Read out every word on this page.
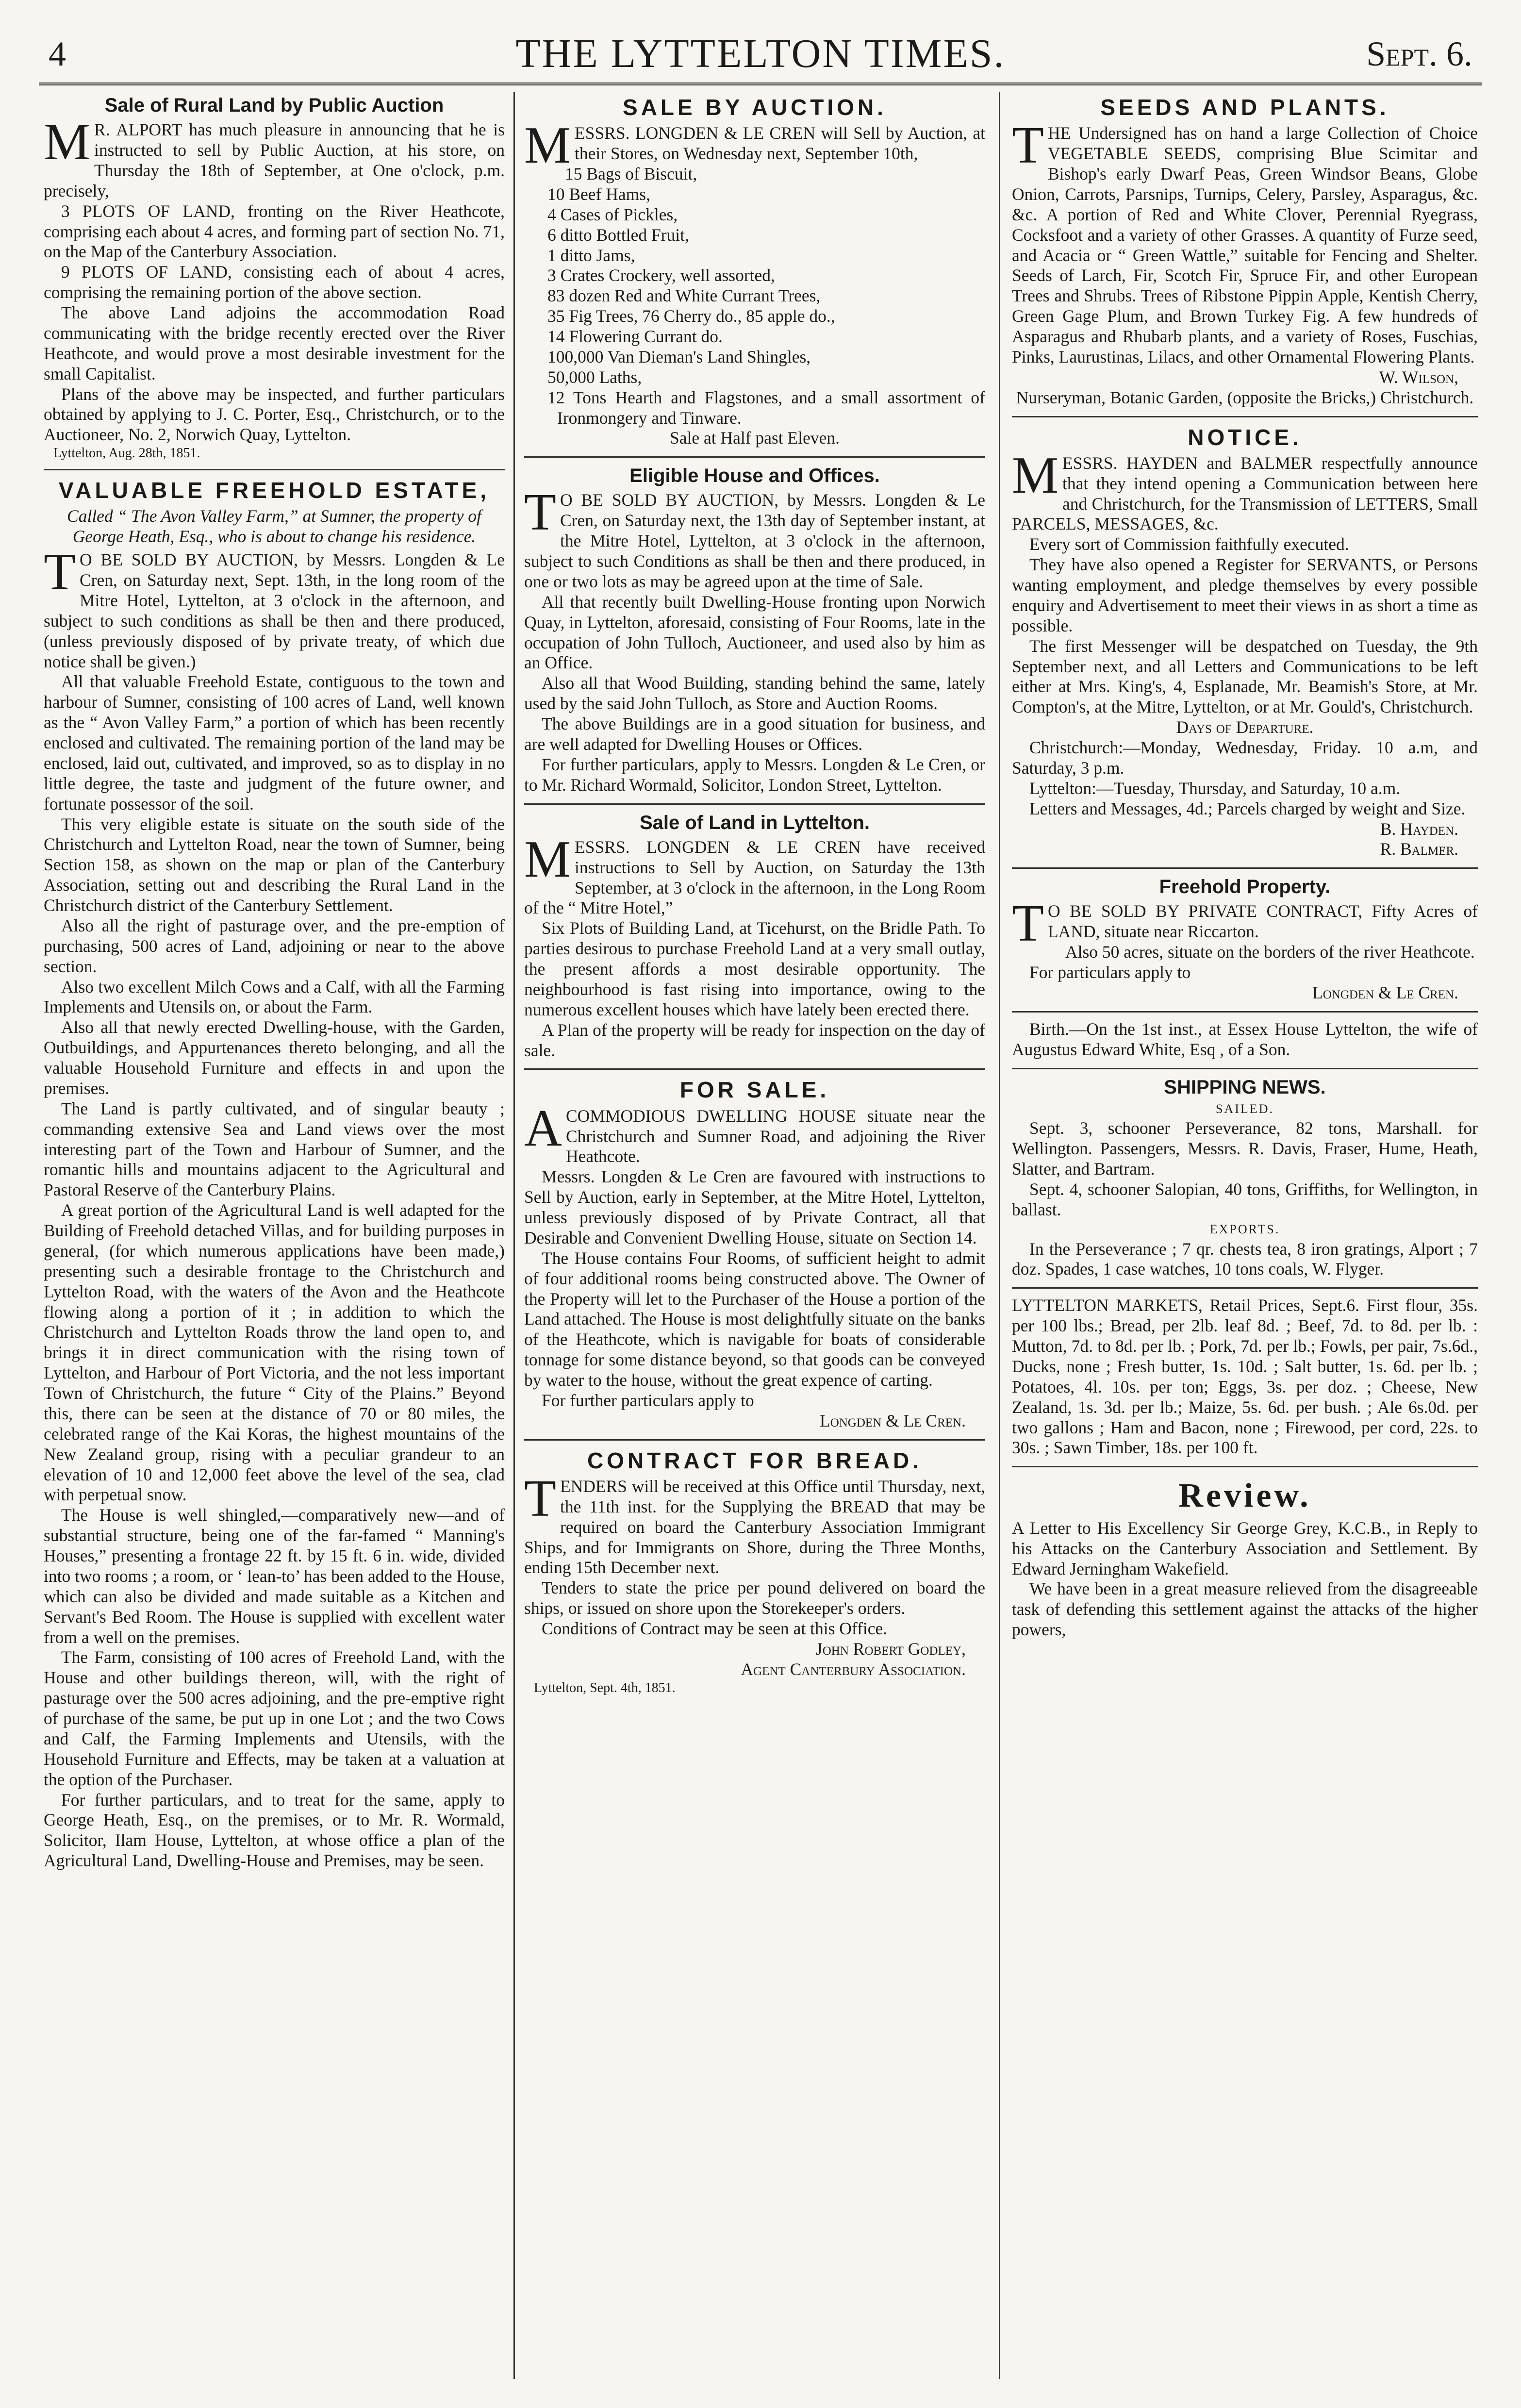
4	THE LYTTELTON TIMES.	Sept. 6.
Sale of Rural Land by Public Auction

M R. ALPORT has much pleasure in announcing that he is instructed to sell by Public Auction, at his store, on Thursday the 18th of September, at One o'clock, p.m. precisely,

3 PLOTS OF LAND, fronting on the River Heathcote, comprising each about 4 acres, and forming part of section No. 71, on the Map of the Canterbury Association.

9 PLOTS OF LAND, consisting each of about 4 acres, comprising the remaining portion of the above section.

The above Land adjoins the accommodation Road communicating with the bridge recently erected over the River Heathcote, and would prove a most desirable investment for the small Capitalist.

Plans of the above may be inspected, and further particulars obtained by applying to J. C. Porter, Esq., Christchurch, or to the Auctioneer, No. 2, Norwich Quay, Lyttelton.

Lyttelton, Aug. 28th, 1851.

VALUABLE FREEHOLD ESTATE,
Called “ The Avon Valley Farm,” at Sumner, the property of George Heath, Esq., who is about to change his residence.

T O BE SOLD BY AUCTION, by Messrs. Longden & Le Cren, on Saturday next, Sept. 13th, in the long room of the Mitre Hotel, Lyttelton, at 3 o'clock in the afternoon, and subject to such conditions as shall be then and there produced, (unless previously disposed of by private treaty, of which due notice shall be given.)

All that valuable Freehold Estate, contiguous to the town and harbour of Sumner, consisting of 100 acres of Land, well known as the “ Avon Valley Farm,” a portion of which has been recently enclosed and cultivated. The remaining portion of the land may be enclosed, laid out, cultivated, and improved, so as to display in no little degree, the taste and judgment of the future owner, and fortunate possessor of the soil.

This very eligible estate is situate on the south side of the Christchurch and Lyttelton Road, near the town of Sumner, being Section 158, as shown on the map or plan of the Canterbury Association, setting out and describing the Rural Land in the Christchurch district of the Canterbury Settlement.

Also all the right of pasturage over, and the pre-emption of purchasing, 500 acres of Land, adjoining or near to the above section.

Also two excellent Milch Cows and a Calf, with all the Farming Implements and Utensils on, or about the Farm.

Also all that newly erected Dwelling-house, with the Garden, Outbuildings, and Appurtenances thereto belonging, and all the valuable Household Furniture and effects in and upon the premises.

The Land is partly cultivated, and of singular beauty ; commanding extensive Sea and Land views over the most interesting part of the Town and Harbour of Sumner, and the romantic hills and mountains adjacent to the Agricultural and Pastoral Reserve of the Canterbury Plains.

A great portion of the Agricultural Land is well adapted for the Building of Freehold detached Villas, and for building purposes in general, (for which numerous applications have been made,) presenting such a desirable frontage to the Christchurch and Lyttelton Road, with the waters of the Avon and the Heathcote flowing along a portion of it ; in addition to which the Christchurch and Lyttelton Roads throw the land open to, and brings it in direct communication with the rising town of Lyttelton, and Harbour of Port Victoria, and the not less important Town of Christchurch, the future “ City of the Plains.” Beyond this, there can be seen at the distance of 70 or 80 miles, the celebrated range of the Kai Koras, the highest mountains of the New Zealand group, rising with a peculiar grandeur to an elevation of 10 and 12,000 feet above the level of the sea, clad with perpetual snow.

The House is well shingled,—comparatively new—and of substantial structure, being one of the far-famed “ Manning's Houses,” presenting a frontage 22 ft. by 15 ft. 6 in. wide, divided into two rooms ; a room, or ‘ lean-to’ has been added to the House, which can also be divided and made suitable as a Kitchen and Servant's Bed Room. The House is supplied with excellent water from a well on the premises.

The Farm, consisting of 100 acres of Freehold Land, with the House and other buildings thereon, will, with the right of pasturage over the 500 acres adjoining, and the pre-emptive right of purchase of the same, be put up in one Lot ; and the two Cows and Calf, the Farming Implements and Utensils, with the Household Furniture and Effects, may be taken at a valuation at the option of the Purchaser.

For further particulars, and to treat for the same, apply to George Heath, Esq., on the premises, or to Mr. R. Wormald, Solicitor, Ilam House, Lyttelton, at whose office a plan of the Agricultural Land, Dwelling-House and Premises, may be seen.

SALE BY AUCTION.

MESSRS. LONGDEN & LE CREN will Sell by Auction, at their Stores, on Wednesday next, September 10th,

15 Bags of Biscuit,
10 Beef Hams,
4 Cases of Pickles,
6 ditto Bottled Fruit,
1 ditto Jams,
3 Crates Crockery, well assorted,
83 dozen Red and White Currant Trees,
35 Fig Trees, 76 Cherry do., 85 apple do.,
14 Flowering Currant do.
100,000 Van Dieman's Land Shingles,
50,000 Laths,
12 Tons Hearth and Flagstones, and a small assortment of Ironmongery and Tinware.

Sale at Half past Eleven.

Eligible House and Offices.

T O BE SOLD BY AUCTION, by Messrs. Longden & Le Cren, on Saturday next, the 13th day of September instant, at the Mitre Hotel, Lyttelton, at 3 o'clock in the afternoon, subject to such Conditions as shall be then and there produced, in one or two lots as may be agreed upon at the time of Sale.

All that recently built Dwelling-House fronting upon Norwich Quay, in Lyttelton, aforesaid, consisting of Four Rooms, late in the occupation of John Tulloch, Auctioneer, and used also by him as an Office.

Also all that Wood Building, standing behind the same, lately used by the said John Tulloch, as Store and Auction Rooms.

The above Buildings are in a good situation for business, and are well adapted for Dwelling Houses or Offices.

For further particulars, apply to Messrs. Longden & Le Cren, or to Mr. Richard Wormald, Solicitor, London Street, Lyttelton.

Sale of Land in Lyttelton.

MESSRS. LONGDEN & LE CREN have received instructions to Sell by Auction, on Saturday the 13th September, at 3 o'clock in the afternoon, in the Long Room of the “ Mitre Hotel,”

Six Plots of Building Land, at Ticehurst, on the Bridle Path. To parties desirous to purchase Freehold Land at a very small outlay, the present affords a most desirable opportunity. The neighbourhood is fast rising into importance, owing to the numerous excellent houses which have lately been erected there.

A Plan of the property will be ready for inspection on the day of sale.

FOR SALE.

ACOMMODIOUS DWELLING HOUSE situate near the Christchurch and Sumner Road, and adjoining the River Heathcote.

Messrs. Longden & Le Cren are favoured with instructions to Sell by Auction, early in September, at the Mitre Hotel, Lyttelton, unless previously disposed of by Private Contract, all that Desirable and Convenient Dwelling House, situate on Section 14.

The House contains Four Rooms, of sufficient height to admit of four additional rooms being constructed above. The Owner of the Property will let to the Purchaser of the House a portion of the Land attached. The House is most delightfully situate on the banks of the Heathcote, which is navigable for boats of considerable tonnage for some distance beyond, so that goods can be conveyed by water to the house, without the great expence of carting.

For further particulars apply to

Longden & Le Cren.

CONTRACT FOR BREAD.

TENDERS will be received at this Office until Thursday, next, the 11th inst. for the Supplying the BREAD that may be required on board the Canterbury Association Immigrant Ships, and for Immigrants on Shore, during the Three Months, ending 15th December next.

Tenders to state the price per pound delivered on board the ships, or issued on shore upon the Storekeeper's orders.

Conditions of Contract may be seen at this Office.

John Robert Godley,

Agent Canterbury Association.

Lyttelton, Sept. 4th, 1851.

SEEDS AND PLANTS.

THE Undersigned has on hand a large Collection of Choice VEGETABLE SEEDS, comprising Blue Scimitar and Bishop's early Dwarf Peas, Green Windsor Beans, Globe Onion, Carrots, Parsnips, Turnips, Celery, Parsley, Asparagus, &c. &c. A portion of Red and White Clover, Perennial Ryegrass, Cocksfoot and a variety of other Grasses. A quantity of Furze seed, and Acacia or “ Green Wattle,” suitable for Fencing and Shelter. Seeds of Larch, Fir, Scotch Fir, Spruce Fir, and other European Trees and Shrubs. Trees of Ribstone Pippin Apple, Kentish Cherry, Green Gage Plum, and Brown Turkey Fig. A few hundreds of Asparagus and Rhubarb plants, and a variety of Roses, Fuschias, Pinks, Laurustinas, Lilacs, and other Ornamental Flowering Plants.

W. Wilson,

Nurseryman, Botanic Garden, (opposite the Bricks,) Christchurch.

NOTICE.

MESSRS. HAYDEN and BALMER respectfully announce that they intend opening a Communication between here and Christchurch, for the Transmission of LETTERS, Small PARCELS, MESSAGES, &c.

Every sort of Commission faithfully executed.

They have also opened a Register for SERVANTS, or Persons wanting employment, and pledge themselves by every possible enquiry and Advertisement to meet their views in as short a time as possible.

The first Messenger will be despatched on Tuesday, the 9th September next, and all Letters and Communications to be left either at Mrs. King's, 4, Esplanade, Mr. Beamish's Store, at Mr. Compton's, at the Mitre, Lyttelton, or at Mr. Gould's, Christchurch.

Days of Departure.

Christchurch:—Monday, Wednesday, Friday. 10 a.m, and Saturday, 3 p.m.

Lyttelton:—Tuesday, Thursday, and Saturday, 10 a.m.

Letters and Messages, 4d.; Parcels charged by weight and Size.

B. Hayden.

R. Balmer.

Freehold Property.

T O BE SOLD BY PRIVATE CONTRACT, Fifty Acres of LAND, situate near Riccarton.

Also 50 acres, situate on the borders of the river Heathcote.

For particulars apply to

Longden & Le Cren.

Birth.—On the 1st inst., at Essex House Lyttelton, the wife of Augustus Edward White, Esq , of a Son.

SHIPPING NEWS.
SAILED.

Sept. 3, schooner Perseverance, 82 tons, Marshall. for Wellington. Passengers, Messrs. R. Davis, Fraser, Hume, Heath, Slatter, and Bartram.

Sept. 4, schooner Salopian, 40 tons, Griffiths, for Wellington, in ballast.

EXPORTS.

In the Perseverance ; 7 qr. chests tea, 8 iron gratings, Alport ; 7 doz. Spades, 1 case watches, 10 tons coals, W. Flyger.

LYTTELTON MARKETS, Retail Prices, Sept.6. First flour, 35s. per 100 lbs.; Bread, per 2lb. leaf 8d. ; Beef, 7d. to 8d. per lb. : Mutton, 7d. to 8d. per lb. ; Pork, 7d. per lb.; Fowls, per pair, 7s.6d., Ducks, none ; Fresh butter, 1s. 10d. ; Salt butter, 1s. 6d. per lb. ; Potatoes, 4l. 10s. per ton; Eggs, 3s. per doz. ; Cheese, New Zealand, 1s. 3d. per lb.; Maize, 5s. 6d. per bush. ; Ale 6s.0d. per two gallons ; Ham and Bacon, none ; Firewood, per cord, 22s. to 30s. ; Sawn Timber, 18s. per 100 ft.

Review.

A Letter to His Excellency Sir George Grey, K.C.B., in Reply to his Attacks on the Canterbury Association and Settlement. By Edward Jerningham Wakefield.

We have been in a great measure relieved from the disagreeable task of defending this settlement against the attacks of the higher powers,
